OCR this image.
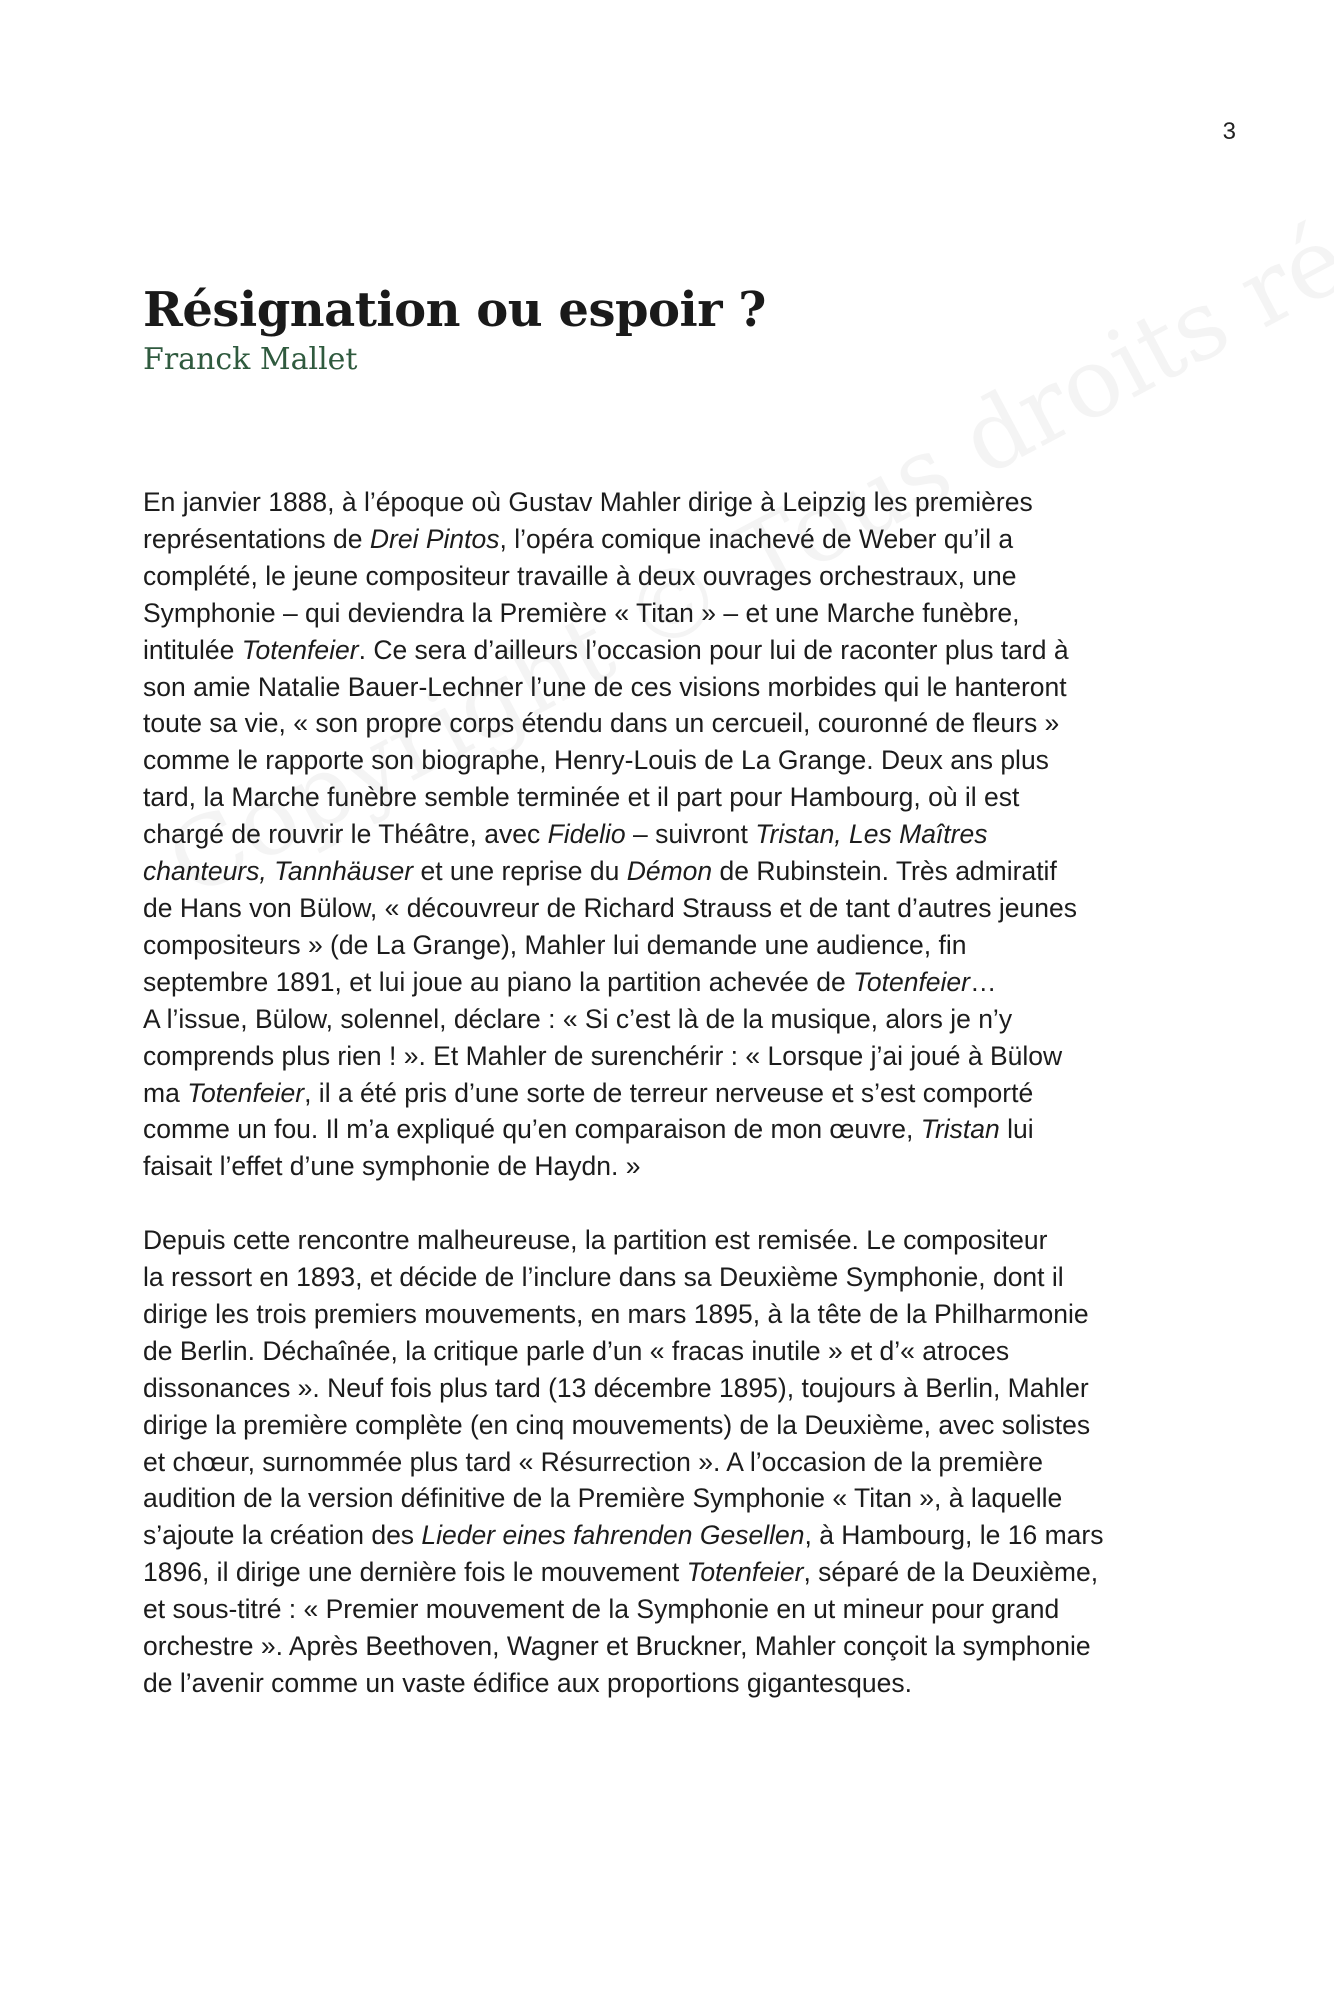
3
Résignation ou espoir ?
Franck Mallet

En janvier 1888, à l’époque où Gustav Mahler dirige à Leipzig les premières
représentations de Drei Pintos, l’opéra comique inachevé de Weber qu’il a
complété, le jeune compositeur travaille à deux ouvrages orchestraux, une
Symphonie – qui deviendra la Première « Titan » – et une Marche funèbre,
intitulée Totenfeier. Ce sera d’ailleurs l’occasion pour lui de raconter plus tard à
son amie Natalie Bauer-Lechner l’une de ces visions morbides qui le hanteront
toute sa vie, « son propre corps étendu dans un cercueil, couronné de fleurs »
comme le rapporte son biographe, Henry-Louis de La Grange. Deux ans plus
tard, la Marche funèbre semble terminée et il part pour Hambourg, où il est
chargé de rouvrir le Théâtre, avec Fidelio – suivront Tristan, Les Maîtres
chanteurs, Tannhäuser et une reprise du Démon de Rubinstein. Très admiratif
de Hans von Bülow, « découvreur de Richard Strauss et de tant d’autres jeunes
compositeurs » (de La Grange), Mahler lui demande une audience, fin
septembre 1891, et lui joue au piano la partition achevée de Totenfeier…
A l’issue, Bülow, solennel, déclare : « Si c’est là de la musique, alors je n’y
comprends plus rien ! ». Et Mahler de surenchérir : « Lorsque j’ai joué à Bülow
ma Totenfeier, il a été pris d’une sorte de terreur nerveuse et s’est comporté
comme un fou. Il m’a expliqué qu’en comparaison de mon œuvre, Tristan lui
faisait l’effet d’une symphonie de Haydn. »

Depuis cette rencontre malheureuse, la partition est remisée. Le compositeur
la ressort en 1893, et décide de l’inclure dans sa Deuxième Symphonie, dont il
dirige les trois premiers mouvements, en mars 1895, à la tête de la Philharmonie
de Berlin. Déchaînée, la critique parle d’un « fracas inutile » et d’« atroces
dissonances ». Neuf fois plus tard (13 décembre 1895), toujours à Berlin, Mahler
dirige la première complète (en cinq mouvements) de la Deuxième, avec solistes
et chœur, surnommée plus tard « Résurrection ». A l’occasion de la première
audition de la version définitive de la Première Symphonie « Titan », à laquelle
s’ajoute la création des Lieder eines fahrenden Gesellen, à Hambourg, le 16 mars
1896, il dirige une dernière fois le mouvement Totenfeier, séparé de la Deuxième,
et sous-titré : « Premier mouvement de la Symphonie en ut mineur pour grand
orchestre ». Après Beethoven, Wagner et Bruckner, Mahler conçoit la symphonie
de l’avenir comme un vaste édifice aux proportions gigantesques.
